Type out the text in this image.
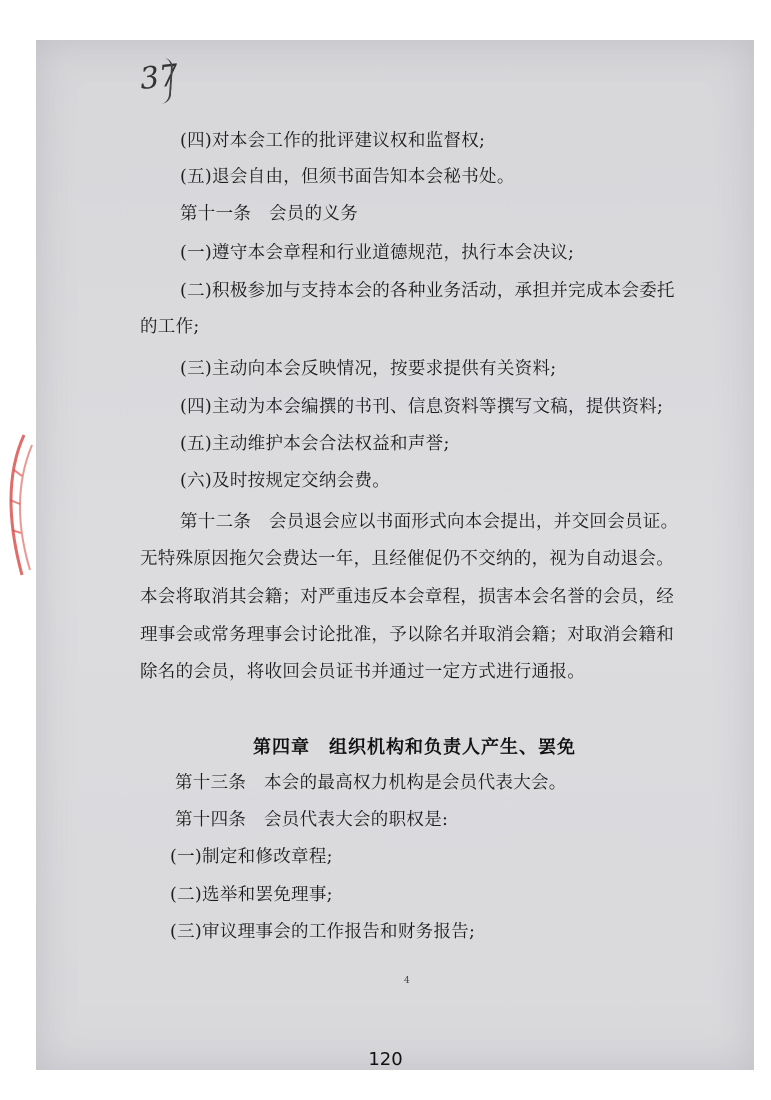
37
(四)对本会工作的批评建议权和监督权;
(五)退会自由，但须书面告知本会秘书处。
第十一条　会员的义务
(一)遵守本会章程和行业道德规范，执行本会决议;
(二)积极参加与支持本会的各种业务活动，承担并完成本会委托
的工作;
(三)主动向本会反映情况，按要求提供有关资料;
(四)主动为本会编撰的书刊、信息资料等撰写文稿，提供资料;
(五)主动维护本会合法权益和声誉;
(六)及时按规定交纳会费。
第十二条　会员退会应以书面形式向本会提出，并交回会员证。
无特殊原因拖欠会费达一年，且经催促仍不交纳的，视为自动退会。
本会将取消其会籍；对严重违反本会章程，损害本会名誉的会员，经
理事会或常务理事会讨论批准，予以除名并取消会籍；对取消会籍和
除名的会员，将收回会员证书并通过一定方式进行通报。
第四章　组织机构和负责人产生、罢免
第十三条　本会的最高权力机构是会员代表大会。
第十四条　会员代表大会的职权是:
(一)制定和修改章程;
(二)选举和罢免理事;
(三)审议理事会的工作报告和财务报告;
4
120
